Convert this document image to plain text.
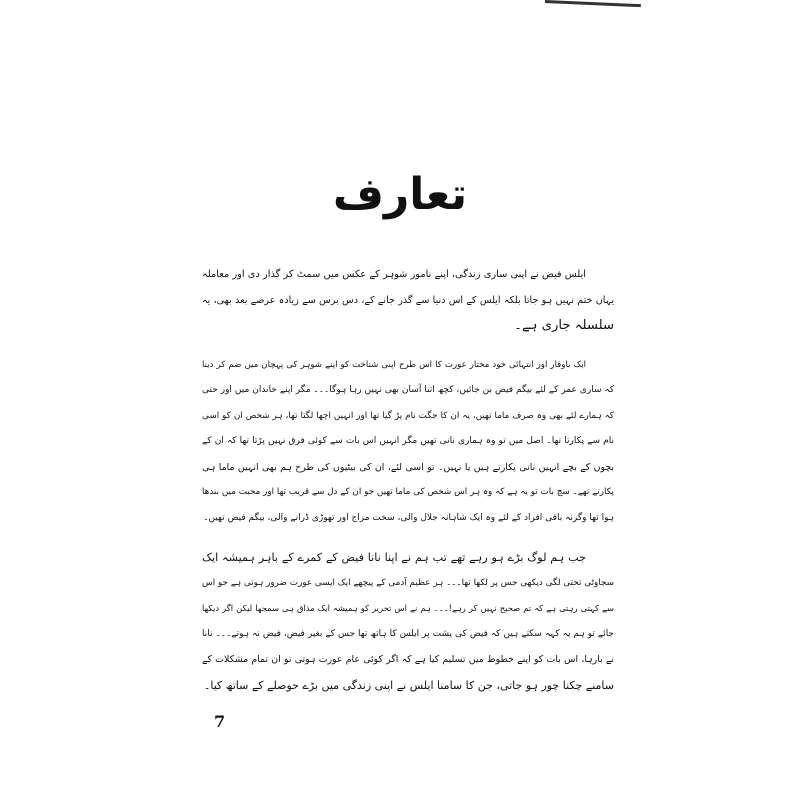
تعارف
ایلس فیض نے اپنی ساری زندگی، اپنے نامور شوہر کے عکس میں سمٹ کر گذار دی اور معاملہ
یہاں ختم نہیں ہو جاتا بلکہ ایلس کے اس دنیا سے گذر جانے کے، دس برس سے زیادہ عرصے بعد بھی، یہ
سلسلہ جاری ہے۔
ایک باوقار اور انتہائی خود مختار عورت کا اس طرح اپنی شناخت کو اپنے شوہر کی پہچان میں ضم کر دینا
کہ ساری عمر کے لئے بیگم فیض بن جائیں، کچھ اتنا آسان بھی نہیں رہا ہوگا۔۔۔ مگر اپنے خاندان میں اور حتی
کہ ہمارے لئے بھی وہ صرف ماما تھیں، یہ ان کا جگت نام پڑ گیا تھا اور انہیں اچھا لگتا تھا، ہر شخص ان کو اسی
نام سے پکارتا تھا۔ اصل میں تو وہ ہماری نانی تھیں مگر انہیں اس بات سے کوئی فرق نہیں پڑتا تھا کہ ان کے
بچوں کے بچے انہیں نانی پکارتے ہیں یا نہیں۔ تو اسی لئے، ان کی بیٹیوں کی طرح ہم بھی انہیں ماما ہی
پکارتے تھے۔ سچ بات تو یہ ہے کہ وہ ہر اس شخص کی ماما تھیں جو ان کے دل سے قریب تھا اور محبت میں بندھا
ہوا تھا وگرنہ باقی افراد کے لئے وہ ایک شاہانہ جلال والی، سخت مزاج اور تھوڑی ڈرانے والی، بیگم فیض تھیں۔
جب ہم لوگ بڑے ہو رہے تھے تب ہم نے اپنا نانا فیض کے کمرے کے باہر ہمیشہ ایک
سجاوٹی تختی لگی دیکھی جس پر لکھا تھا۔۔۔ ہر عظیم آدمی کے پیچھے ایک ایسی عورت ضرور ہوتی ہے جو اس
سے کہتی رہتی ہے کہ تم صحیح نہیں کر رہے!۔۔۔ ہم نے اس تحریر کو ہمیشہ ایک مذاق ہی سمجھا لیکن اگر دیکھا
جائے تو ہم یہ کہہ سکتے ہیں کہ فیض کی پشت پر ایلس کا ہاتھ تھا جس کے بغیر فیض، فیض نہ ہوتے۔۔۔ نانا
نے بارہا، اس بات کو اپنے خطوط میں تسلیم کیا ہے کہ اگر کوئی عام عورت ہوتی تو ان تمام مشکلات کے
سامنے چکنا چور ہو جاتی، جن کا سامنا ایلس نے اپنی زندگی میں بڑے حوصلے کے ساتھ کیا۔
7
